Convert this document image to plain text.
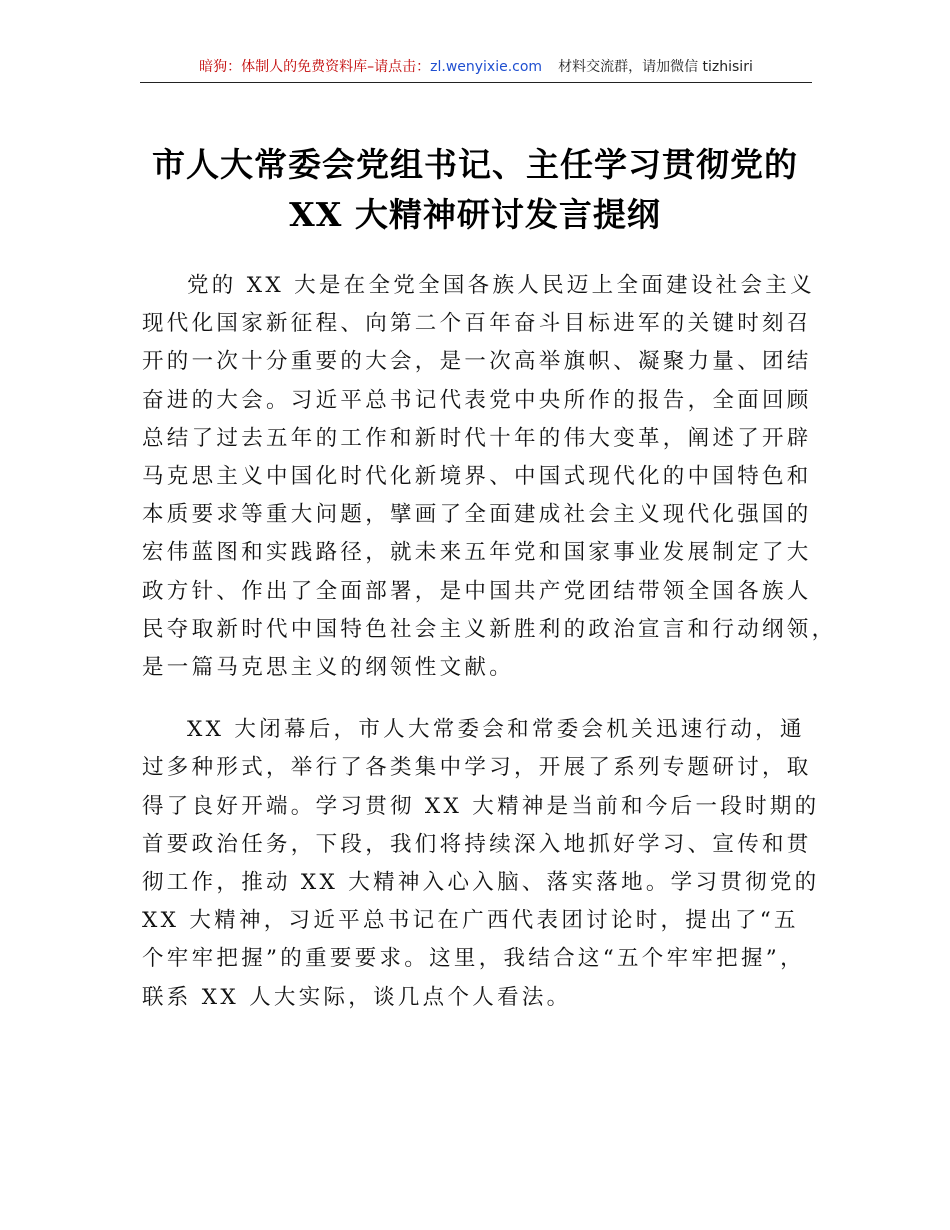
暗狗：体制人的免费资料库–请点击：zl.wenyixie.com 材料交流群，请加微信 tizhisiri
市人大常委会党组书记、主任学习贯彻党的
XX 大精神研讨发言提纲

党的 XX 大是在全党全国各族人民迈上全面建设社会主义
现代化国家新征程、向第二个百年奋斗目标进军的关键时刻召
开的一次十分重要的大会，是一次高举旗帜、凝聚力量、团结
奋进的大会。习近平总书记代表党中央所作的报告，全面回顾
总结了过去五年的工作和新时代十年的伟大变革，阐述了开辟
马克思主义中国化时代化新境界、中国式现代化的中国特色和
本质要求等重大问题，擘画了全面建成社会主义现代化强国的
宏伟蓝图和实践路径，就未来五年党和国家事业发展制定了大
政方针、作出了全面部署，是中国共产党团结带领全国各族人
民夺取新时代中国特色社会主义新胜利的政治宣言和行动纲领，
是一篇马克思主义的纲领性文献。

XX 大闭幕后，市人大常委会和常委会机关迅速行动，通
过多种形式，举行了各类集中学习，开展了系列专题研讨，取
得了良好开端。学习贯彻 XX 大精神是当前和今后一段时期的
首要政治任务，下段，我们将持续深入地抓好学习、宣传和贯
彻工作，推动 XX 大精神入心入脑、落实落地。学习贯彻党的
XX 大精神，习近平总书记在广西代表团讨论时，提出了“五
个牢牢把握”的重要要求。这里，我结合这“五个牢牢把握”，
联系 XX 人大实际，谈几点个人看法。
